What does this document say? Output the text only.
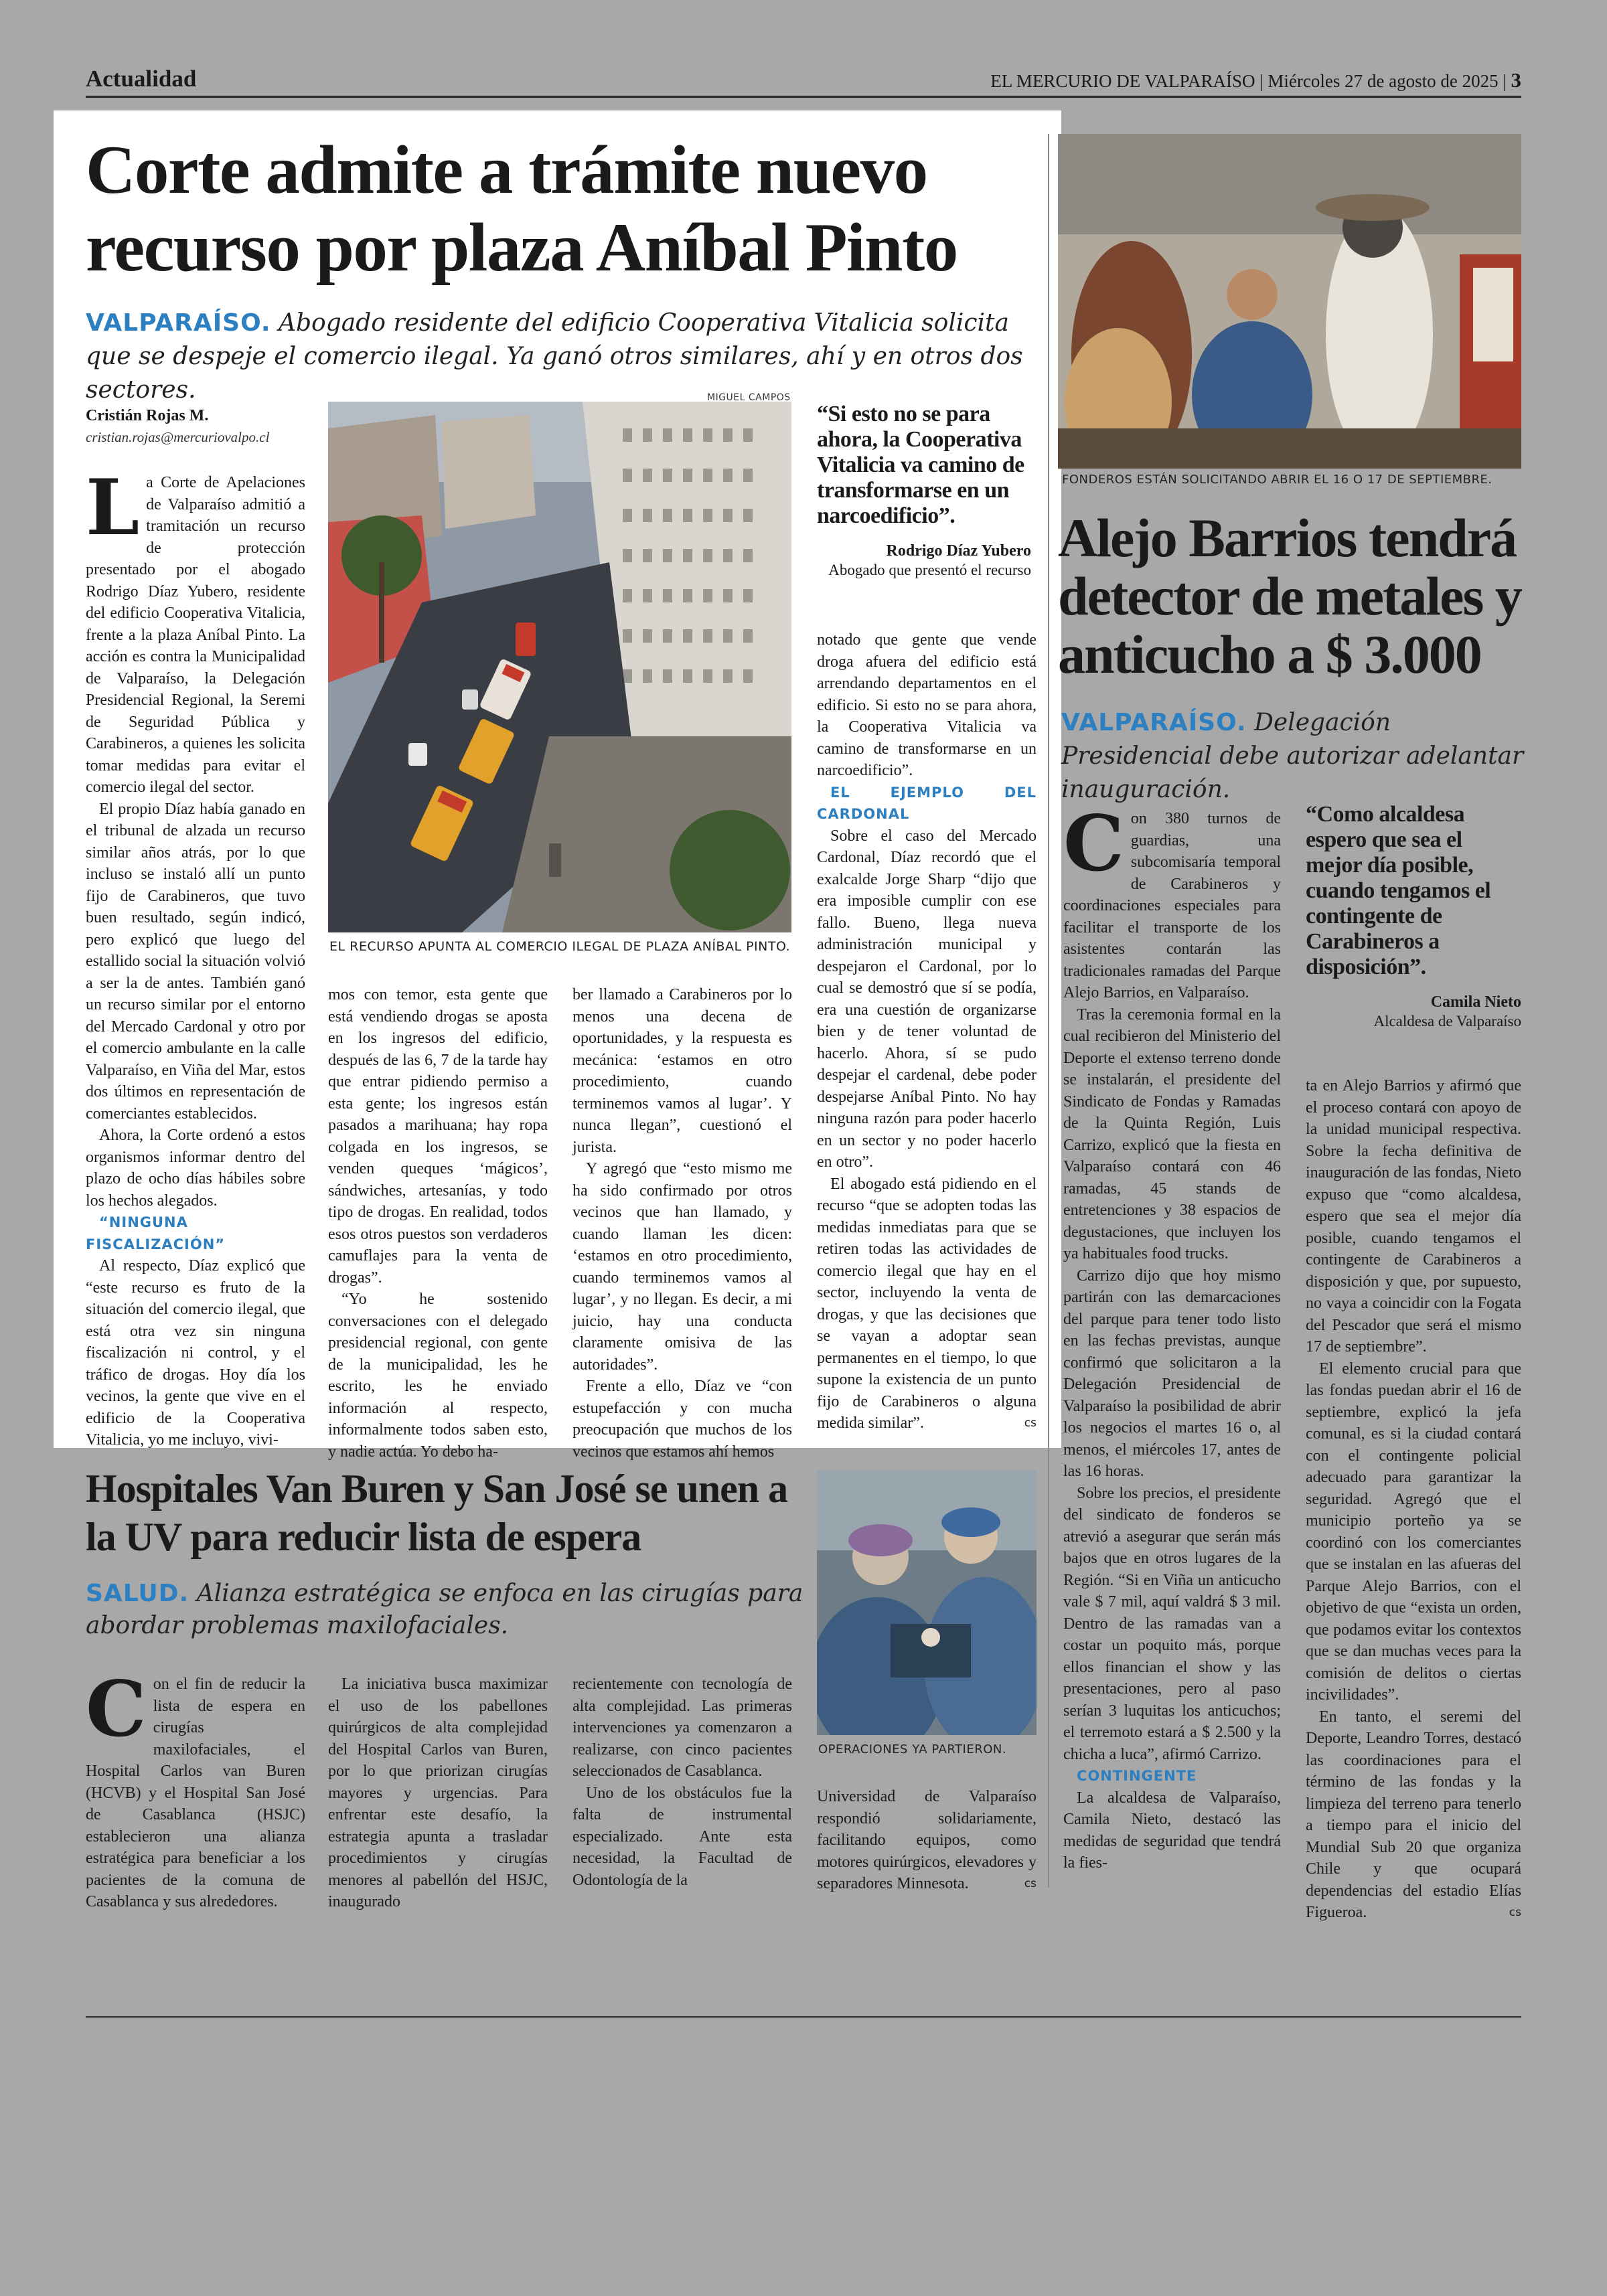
Actualidad	EL MERCURIO DE VALPARAÍSO | Miércoles 27 de agosto de 2025 | 3
Corte admite a trámite nuevo recurso por plaza Aníbal Pinto
VALPARAÍSO. Abogado residente del edificio Cooperativa Vitalicia solicita que se despeje el comercio ilegal. Ya ganó otros similares, ahí y en otros dos sectores.
Cristián Rojas M.
cristian.rojas@mercuriovalpo.cl
MIGUEL CAMPOS
EL RECURSO APUNTA AL COMERCIO ILEGAL DE PLAZA ANÍBAL PINTO.
“Si esto no se para ahora, la Cooperativa Vitalicia va camino de transformarse en un narcoedificio”.
Rodrigo Díaz Yubero
Abogado que presentó el recurso

La Corte de Apelaciones de Valparaíso admitió a tramitación un recurso de protección presentado por el abogado Rodrigo Díaz Yubero, residente del edificio Cooperativa Vitalicia, frente a la plaza Aníbal Pinto. La acción es contra la Municipalidad de Valparaíso, la Delegación Presidencial Regional, la Seremi de Seguridad Pública y Carabineros, a quienes les solicita tomar medidas para evitar el comercio ilegal del sector.

El propio Díaz había ganado en el tribunal de alzada un recurso similar años atrás, por lo que incluso se instaló allí un punto fijo de Carabineros, que tuvo buen resultado, según indicó, pero explicó que luego del estallido social la situación volvió a ser la de antes. También ganó un recurso similar por el entorno del Mercado Cardonal y otro por el comercio ambulante en la calle Valparaíso, en Viña del Mar, estos dos últimos en representación de comerciantes establecidos.

Ahora, la Corte ordenó a estos organismos informar dentro del plazo de ocho días hábiles sobre los hechos alegados.

“NINGUNA FISCALIZACIÓN”

Al respecto, Díaz explicó que “este recurso es fruto de la situación del comercio ilegal, que está otra vez sin ninguna fiscalización ni control, y el tráfico de drogas. Hoy día los vecinos, la gente que vive en el edificio de la Cooperativa Vitalicia, yo me incluyo, vivi-

mos con temor, esta gente que está vendiendo drogas se aposta en los ingresos del edificio, después de las 6, 7 de la tarde hay que entrar pidiendo permiso a esta gente; los ingresos están pasados a marihuana; hay ropa colgada en los ingresos, se venden queques ‘mágicos’, sándwiches, artesanías, y todo tipo de drogas. En realidad, todos esos otros puestos son verdaderos camuflajes para la venta de drogas”.

“Yo he sostenido conversaciones con el delegado presidencial regional, con gente de la municipalidad, les he escrito, les he enviado información al respecto, informalmente todos saben esto, y nadie actúa. Yo debo ha-

ber llamado a Carabineros por lo menos una decena de oportunidades, y la respuesta es mecánica: ‘estamos en otro procedimiento, cuando terminemos vamos al lugar’. Y nunca llegan”, cuestionó el jurista.

Y agregó que “esto mismo me ha sido confirmado por otros vecinos que han llamado, y cuando llaman les dicen: ‘estamos en otro procedimiento, cuando terminemos vamos al lugar’, y no llegan. Es decir, a mi juicio, hay una conducta claramente omisiva de las autoridades”.

Frente a ello, Díaz ve “con estupefacción y con mucha preocupación que muchos de los vecinos que estamos ahí hemos

notado que gente que vende droga afuera del edificio está arrendando departamentos en el edificio. Si esto no se para ahora, la Cooperativa Vitalicia va camino de transformarse en un narcoedificio”.

EL EJEMPLO DEL CARDONAL

Sobre el caso del Mercado Cardonal, Díaz recordó que el exalcalde Jorge Sharp “dijo que era imposible cumplir con ese fallo. Bueno, llega nueva administración municipal y despejaron el Cardonal, por lo cual se demostró que sí se podía, era una cuestión de organizarse bien y de tener voluntad de hacerlo. Ahora, sí se pudo despejar el cardenal, debe poder despejarse Aníbal Pinto. No hay ninguna razón para poder hacerlo en un sector y no poder hacerlo en otro”.

El abogado está pidiendo en el recurso “que se adopten todas las medidas inmediatas para que se retiren todas las actividades de comercio ilegal que hay en el sector, incluyendo la venta de drogas, y que las decisiones que se vayan a adoptar sean permanentes en el tiempo, lo que supone la existencia de un punto fijo de Carabineros o alguna medida similar”.	cs

FONDEROS ESTÁN SOLICITANDO ABRIR EL 16 O 17 DE SEPTIEMBRE.
Alejo Barrios tendrá detector de metales y anticucho a $ 3.000
VALPARAÍSO. Delegación Presidencial debe autorizar adelantar inauguración.

Con 380 turnos de guardias, una subcomisaría temporal de Carabineros y coordinaciones especiales para facilitar el transporte de los asistentes contarán las tradicionales ramadas del Parque Alejo Barrios, en Valparaíso.

Tras la ceremonia formal en la cual recibieron del Ministerio del Deporte el extenso terreno donde se instalarán, el presidente del Sindicato de Fondas y Ramadas de la Quinta Región, Luis Carrizo, explicó que la fiesta en Valparaíso contará con 46 ramadas, 45 stands de entretenciones y 38 espacios de degustaciones, que incluyen los ya habituales food trucks.

Carrizo dijo que hoy mismo partirán con las demarcaciones del parque para tener todo listo en las fechas previstas, aunque confirmó que solicitaron a la Delegación Presidencial de Valparaíso la posibilidad de abrir los negocios el martes 16 o, al menos, el miércoles 17, antes de las 16 horas.

Sobre los precios, el presidente del sindicato de fonderos se atrevió a asegurar que serán más bajos que en otros lugares de la Región. “Si en Viña un anticucho vale $ 7 mil, aquí valdrá $ 3 mil. Dentro de las ramadas van a costar un poquito más, porque ellos financian el show y las presentaciones, pero al paso serían 3 luquitas los anticuchos; el terremoto estará a $ 2.500 y la chicha a luca”, afirmó Carrizo.

CONTINGENTE

La alcaldesa de Valparaíso, Camila Nieto, destacó las medidas de seguridad que tendrá la fies-

“Como alcaldesa espero que sea el mejor día posible, cuando tengamos el contingente de Carabineros a disposición”.
Camila Nieto
Alcaldesa de Valparaíso

ta en Alejo Barrios y afirmó que el proceso contará con apoyo de la unidad municipal respectiva. Sobre la fecha definitiva de inauguración de las fondas, Nieto expuso que “como alcaldesa, espero que sea el mejor día posible, cuando tengamos el contingente de Carabineros a disposición y que, por supuesto, no vaya a coincidir con la Fogata del Pescador que será el mismo 17 de septiembre”.

El elemento crucial para que las fondas puedan abrir el 16 de septiembre, explicó la jefa comunal, es si la ciudad contará con el contingente policial adecuado para garantizar la seguridad. Agregó que el municipio porteño ya se coordinó con los comerciantes que se instalan en las afueras del Parque Alejo Barrios, con el objetivo de que “exista un orden, que podamos evitar los contextos que se dan muchas veces para la comisión de delitos o ciertas incivilidades”.

En tanto, el seremi del Deporte, Leandro Torres, destacó las coordinaciones para el término de las fondas y la limpieza del terreno para tenerlo a tiempo para el inicio del Mundial Sub 20 que organiza Chile y que ocupará dependencias del estadio Elías Figueroa.	cs

Hospitales Van Buren y San José se unen a la UV para reducir lista de espera
SALUD. Alianza estratégica se enfoca en las cirugías para abordar problemas maxilofaciales.
OPERACIONES YA PARTIERON.

Con el fin de reducir la lista de espera en cirugías maxilofaciales, el Hospital Carlos van Buren (HCVB) y el Hospital San José de Casablanca (HSJC) establecieron una alianza estratégica para beneficiar a los pacientes de la comuna de Casablanca y sus alrededores.

La iniciativa busca maximizar el uso de los pabellones quirúrgicos de alta complejidad del Hospital Carlos van Buren, por lo que priorizan cirugías mayores y urgencias. Para enfrentar este desafío, la estrategia apunta a trasladar procedimientos y cirugías menores al pabellón del HSJC, inaugurado

recientemente con tecnología de alta complejidad. Las primeras intervenciones ya comenzaron a realizarse, con cinco pacientes seleccionados de Casablanca.

Uno de los obstáculos fue la falta de instrumental especializado. Ante esta necesidad, la Facultad de Odontología de la

Universidad de Valparaíso respondió solidariamente, facilitando equipos, como motores quirúrgicos, elevadores y separadores Minnesota.	cs
